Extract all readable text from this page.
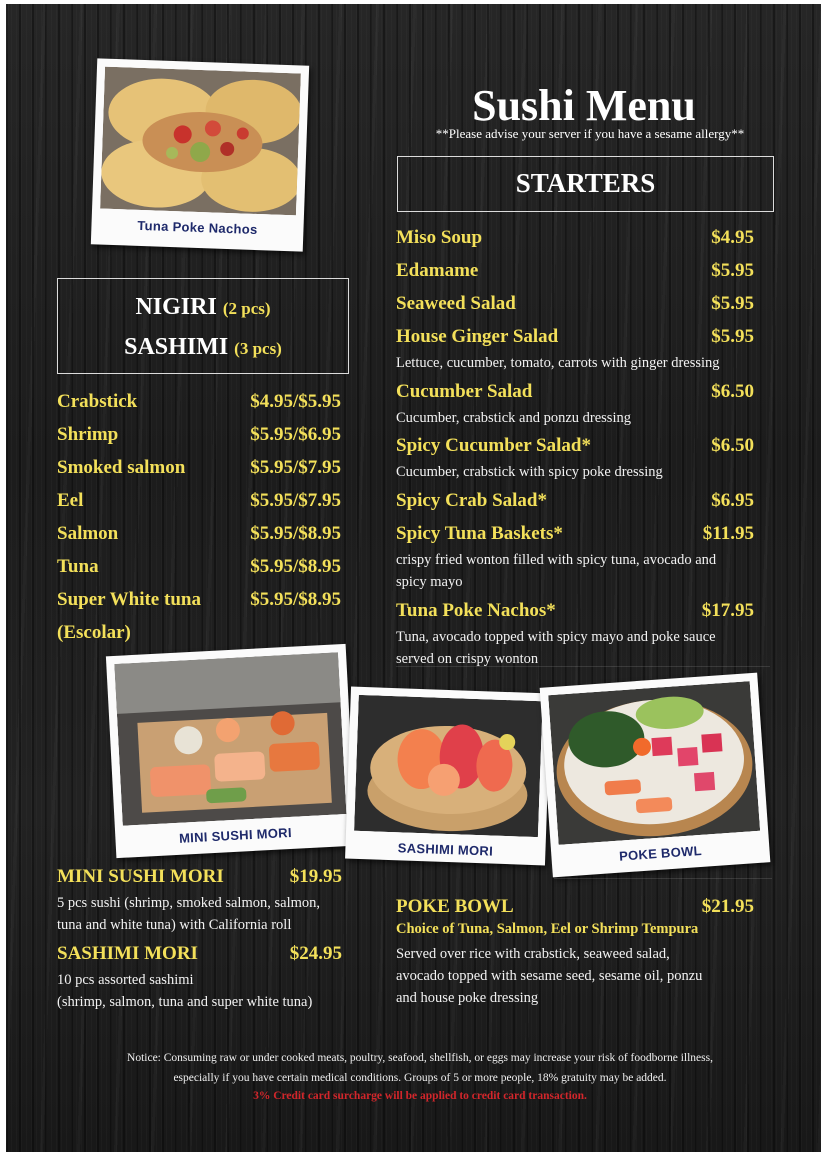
Tuna Poke Nachos
Sushi Menu
**Please advise your server if you have a sesame allergy**
STARTERS
NIGIRI (2 pcs)
SASHIMI (3 pcs)
Crabstick	$4.95/$5.95
Shrimp	$5.95/$6.95
Smoked salmon	$5.95/$7.95
Eel	$5.95/$7.95
Salmon	$5.95/$8.95
Tuna	$5.95/$8.95
Super White tuna	$5.95/$8.95
(Escolar)
Miso Soup	$4.95
Edamame	$5.95
Seaweed Salad	$5.95
House Ginger Salad	$5.95
Lettuce, cucumber, tomato, carrots with ginger dressing
Cucumber Salad	$6.50
Cucumber, crabstick and ponzu dressing
Spicy Cucumber Salad*	$6.50
Cucumber, crabstick with spicy poke dressing
Spicy Crab Salad*	$6.95
Spicy Tuna Baskets*	$11.95
crispy fried wonton filled with spicy tuna, avocado and
spicy mayo
Tuna Poke Nachos*	$17.95
Tuna, avocado topped with spicy mayo and poke sauce
served on crispy wonton
MINI SUSHI MORI
SASHIMI MORI	POKE BOWL
MINI SUSHI MORI	$19.95
5 pcs sushi (shrimp, smoked salmon, salmon,
tuna and white tuna) with California roll
SASHIMI MORI	$24.95
10 pcs assorted sashimi
(shrimp, salmon, tuna and super white tuna)
POKE BOWL	$21.95
Choice of Tuna, Salmon, Eel or Shrimp Tempura
Served over rice with crabstick, seaweed salad,
avocado topped with sesame seed, sesame oil, ponzu
and house poke dressing
Notice: Consuming raw or under cooked meats, poultry, seafood, shellfish, or eggs may increase your risk of foodborne illness,
especially if you have certain medical conditions. Groups of 5 or more people, 18% gratuity may be added.
3% Credit card surcharge will be applied to credit card transaction.
